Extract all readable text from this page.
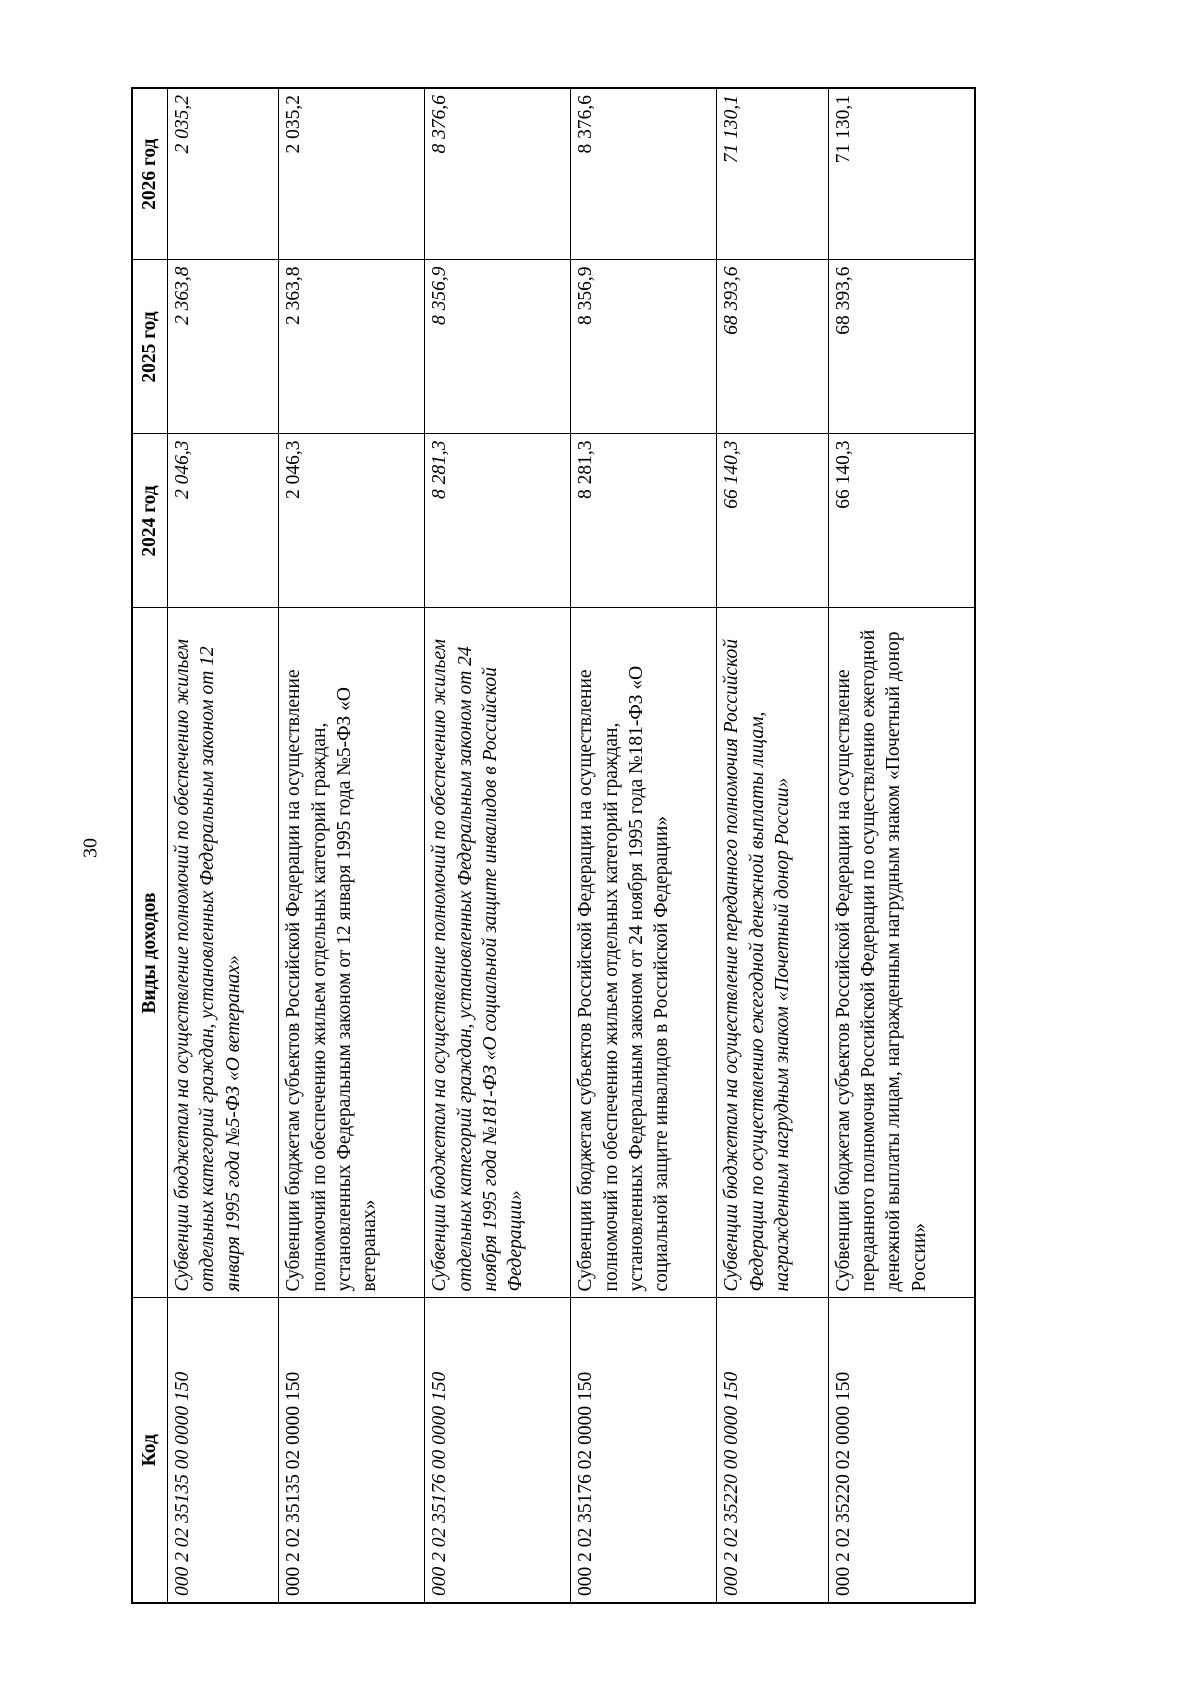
30
Код	Виды доходов	2024 год	2025 год	2026 год
000 2 02 35135 00 0000 150	Субвенции бюджетам на осуществление полномочий по обеспечению жильем отдельных категорий граждан, установленных Федеральным законом от 12 января 1995 года №5-ФЗ «О ветеранах»	2 046,3	2 363,8	2 035,2
000 2 02 35135 02 0000 150	Субвенции бюджетам субъектов Российской Федерации на осуществление полномочий по обеспечению жильем отдельных категорий граждан, установленных Федеральным законом от 12 января 1995 года №5-ФЗ «О ветеранах»	2 046,3	2 363,8	2 035,2
000 2 02 35176 00 0000 150	Субвенции бюджетам на осуществление полномочий по обеспечению жильем отдельных категорий граждан, установленных Федеральным законом от 24 ноября 1995 года №181-ФЗ «О социальной защите инвалидов в Российской Федерации»	8 281,3	8 356,9	8 376,6
000 2 02 35176 02 0000 150	Субвенции бюджетам субъектов Российской Федерации на осуществление полномочий по обеспечению жильем отдельных категорий граждан, установленных Федеральным законом от 24 ноября 1995 года №181-ФЗ «О социальной защите инвалидов в Российской Федерации»	8 281,3	8 356,9	8 376,6
000 2 02 35220 00 0000 150	Субвенции бюджетам на осуществление переданного полномочия Российской Федерации по осуществлению ежегодной денежной выплаты лицам, награжденным нагрудным знаком «Почетный донор России»	66 140,3	68 393,6	71 130,1
000 2 02 35220 02 0000 150	Субвенции бюджетам субъектов Российской Федерации на осуществление переданного полномочия Российской Федерации по осуществлению ежегодной денежной выплаты лицам, награжденным нагрудным знаком «Почетный донор России»	66 140,3	68 393,6	71 130,1
